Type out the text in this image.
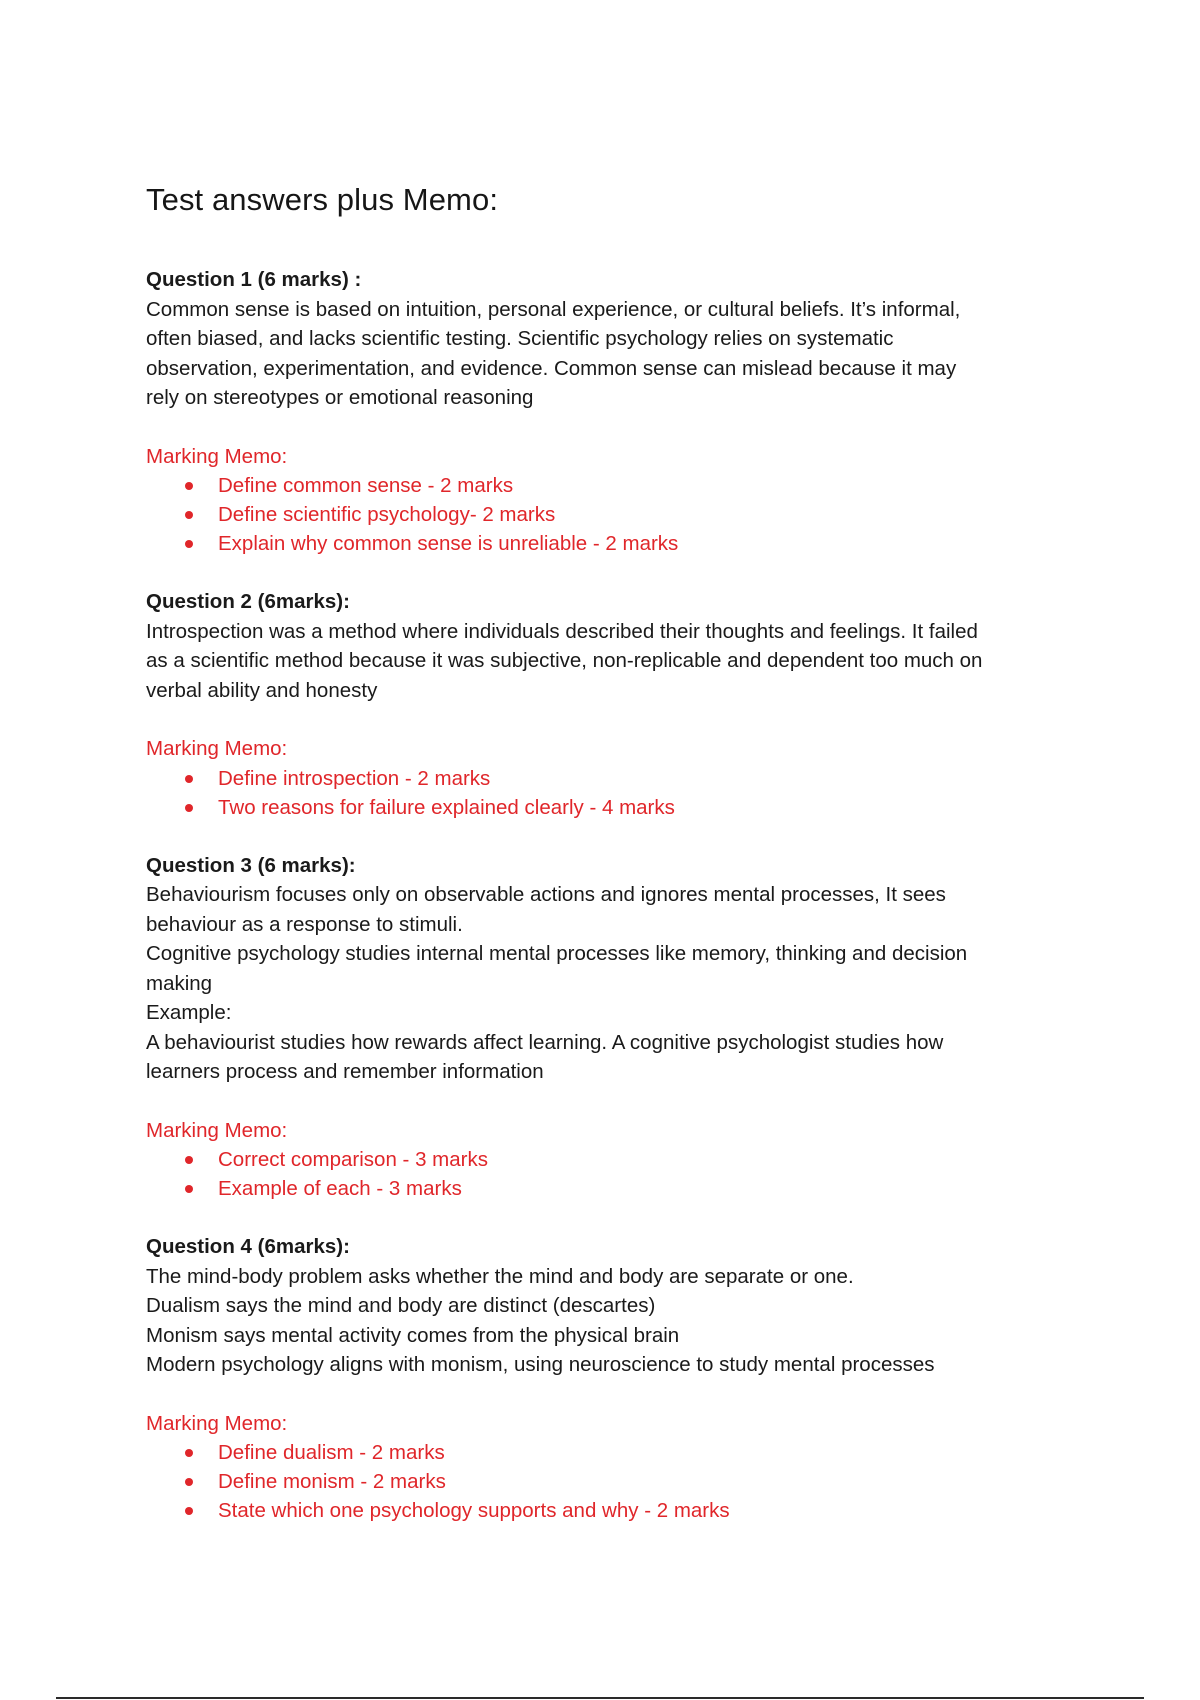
Test answers plus Memo:

Question 1 (6 marks) :

Common sense is based on intuition, personal experience, or cultural beliefs. It’s informal,

often biased, and lacks scientific testing. Scientific psychology relies on systematic

observation, experimentation, and evidence. Common sense can mislead because it may

rely on stereotypes or emotional reasoning

Marking Memo:

Define common sense - 2 marks
Define scientific psychology- 2 marks
Explain why common sense is unreliable - 2 marks

Question 2 (6marks):

Introspection was a method where individuals described their thoughts and feelings. It failed

as a scientific method because it was subjective, non-replicable and dependent too much on

verbal ability and honesty

Marking Memo:

Define introspection - 2 marks
Two reasons for failure explained clearly - 4 marks

Question 3 (6 marks):

Behaviourism focuses only on observable actions and ignores mental processes, It sees

behaviour as a response to stimuli.

Cognitive psychology studies internal mental processes like memory, thinking and decision

making

Example:

A behaviourist studies how rewards affect learning. A cognitive psychologist studies how

learners process and remember information

Marking Memo:

Correct comparison - 3 marks
Example of each - 3 marks

Question 4 (6marks):

The mind-body problem asks whether the mind and body are separate or one.

Dualism says the mind and body are distinct (descartes)

Monism says mental activity comes from the physical brain

Modern psychology aligns with monism, using neuroscience to study mental processes

Marking Memo:

Define dualism - 2 marks
Define monism - 2 marks
State which one psychology supports and why - 2 marks
